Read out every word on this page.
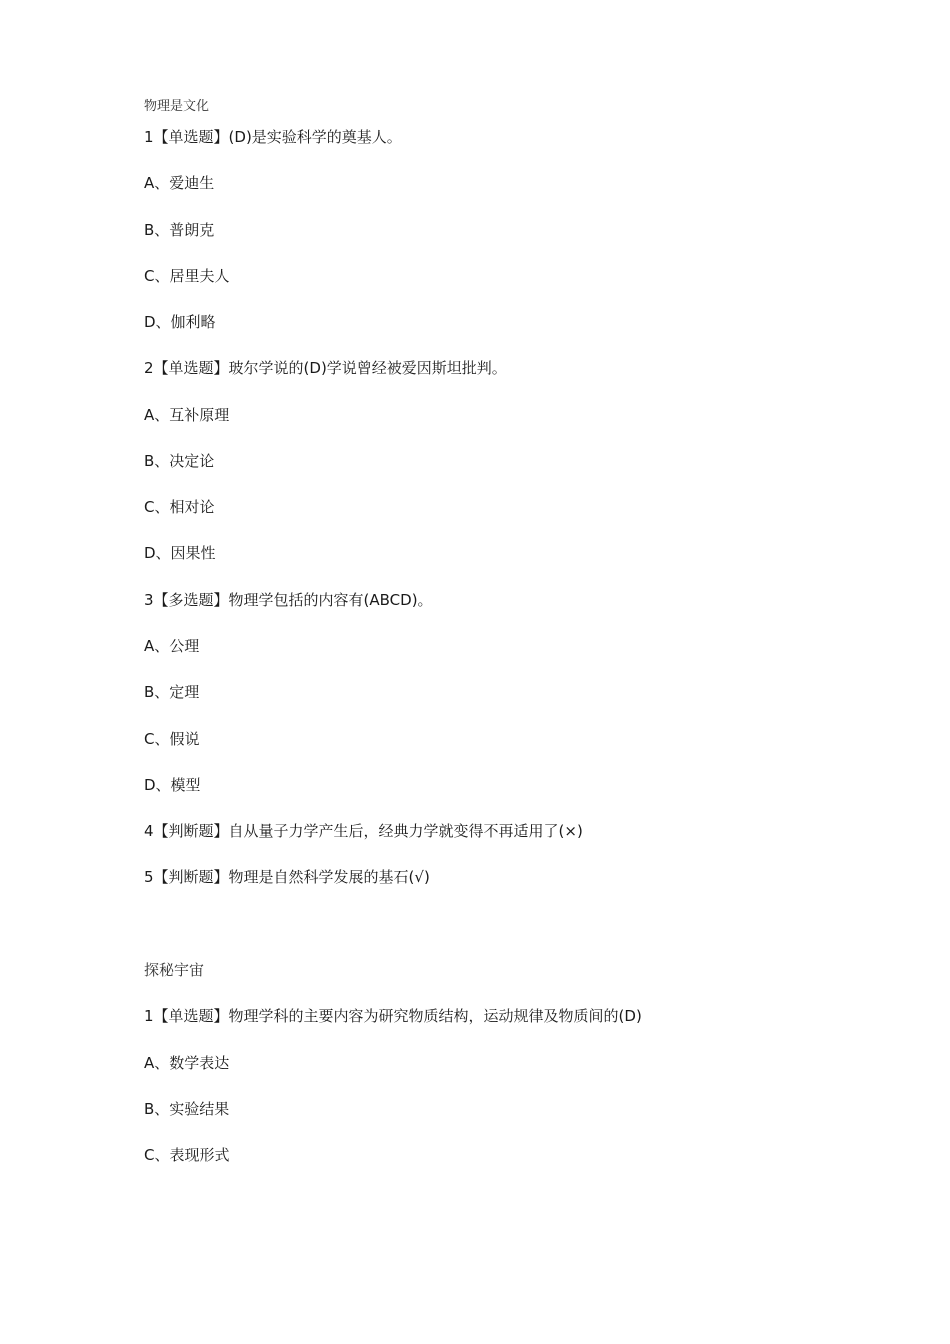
物理是文化
1【单选题】(D)是实验科学的奠基人。
A、爱迪生
B、普朗克
C、居里夫人
D、伽利略
2【单选题】玻尔学说的(D)学说曾经被爱因斯坦批判。
A、互补原理
B、决定论
C、相对论
D、因果性
3【多选题】物理学包括的内容有(ABCD)。
A、公理
B、定理
C、假说
D、模型
4【判断题】自从量子力学产生后，经典力学就变得不再适用了(×)
5【判断题】物理是自然科学发展的基石(√)
探秘宇宙
1【单选题】物理学科的主要内容为研究物质结构，运动规律及物质间的(D)
A、数学表达
B、实验结果
C、表现形式
